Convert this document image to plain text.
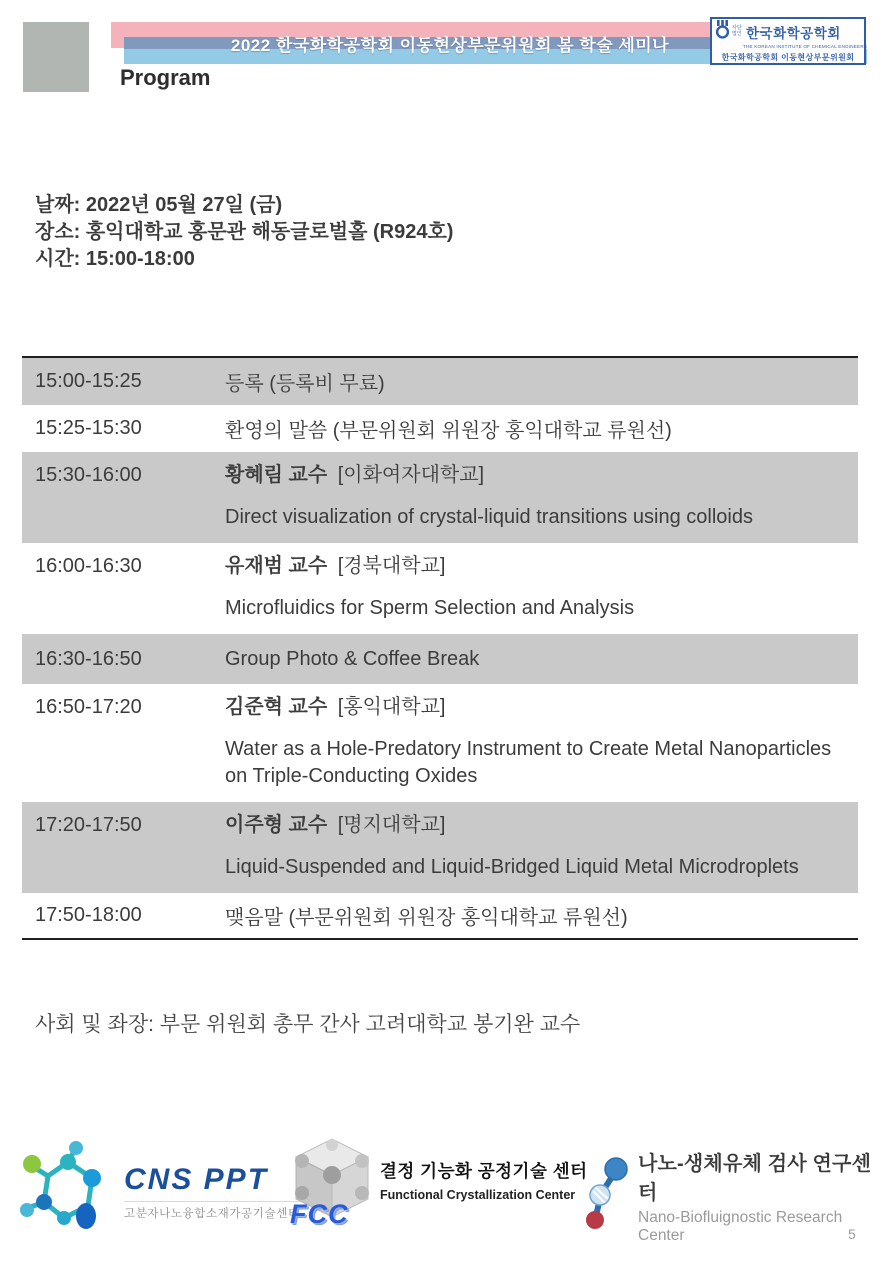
2022 한국화학공학회 이동현상부문위원회 봄 학술 세미나
사단법인 한국화학공학회
THE KOREAN INSTITUTE OF CHEMICAL ENGINEERS
한국화학공학회 이동현상부문위원회
Program
날짜: 2022년 05월 27일 (금)
장소: 홍익대학교 홍문관 해동글로벌홀 (R924호)
시간: 15:00-18:00
15:00-15:25	등록 (등록비 무료)
15:25-15:30	환영의 말씀 (부문위원회 위원장 홍익대학교 류원선)
15:30-16:00	황혜림 교수 [이화여자대학교]
Direct visualization of crystal-liquid transitions using colloids
16:00-16:30	유재범 교수 [경북대학교]
Microfluidics for Sperm Selection and Analysis
16:30-16:50	Group Photo & Coffee Break
16:50-17:20	김준혁 교수 [홍익대학교]
Water as a Hole-Predatory Instrument to Create Metal Nanoparticles on Triple-Conducting Oxides
17:20-17:50	이주형 교수 [명지대학교]
Liquid-Suspended and Liquid-Bridged Liquid Metal Microdroplets
17:50-18:00	맺음말 (부문위원회 위원장 홍익대학교 류원선)
사회 및 좌장: 부문 위원회 총무 간사 고려대학교 봉기완 교수
CNS PPT
고분자나노융합소재가공기술센터
FCC
결정 기능화 공정기술 센터
Functional Crystallization Center
나노-생체유체 검사 연구센터
Nano-Biofluignostic Research Center	5
